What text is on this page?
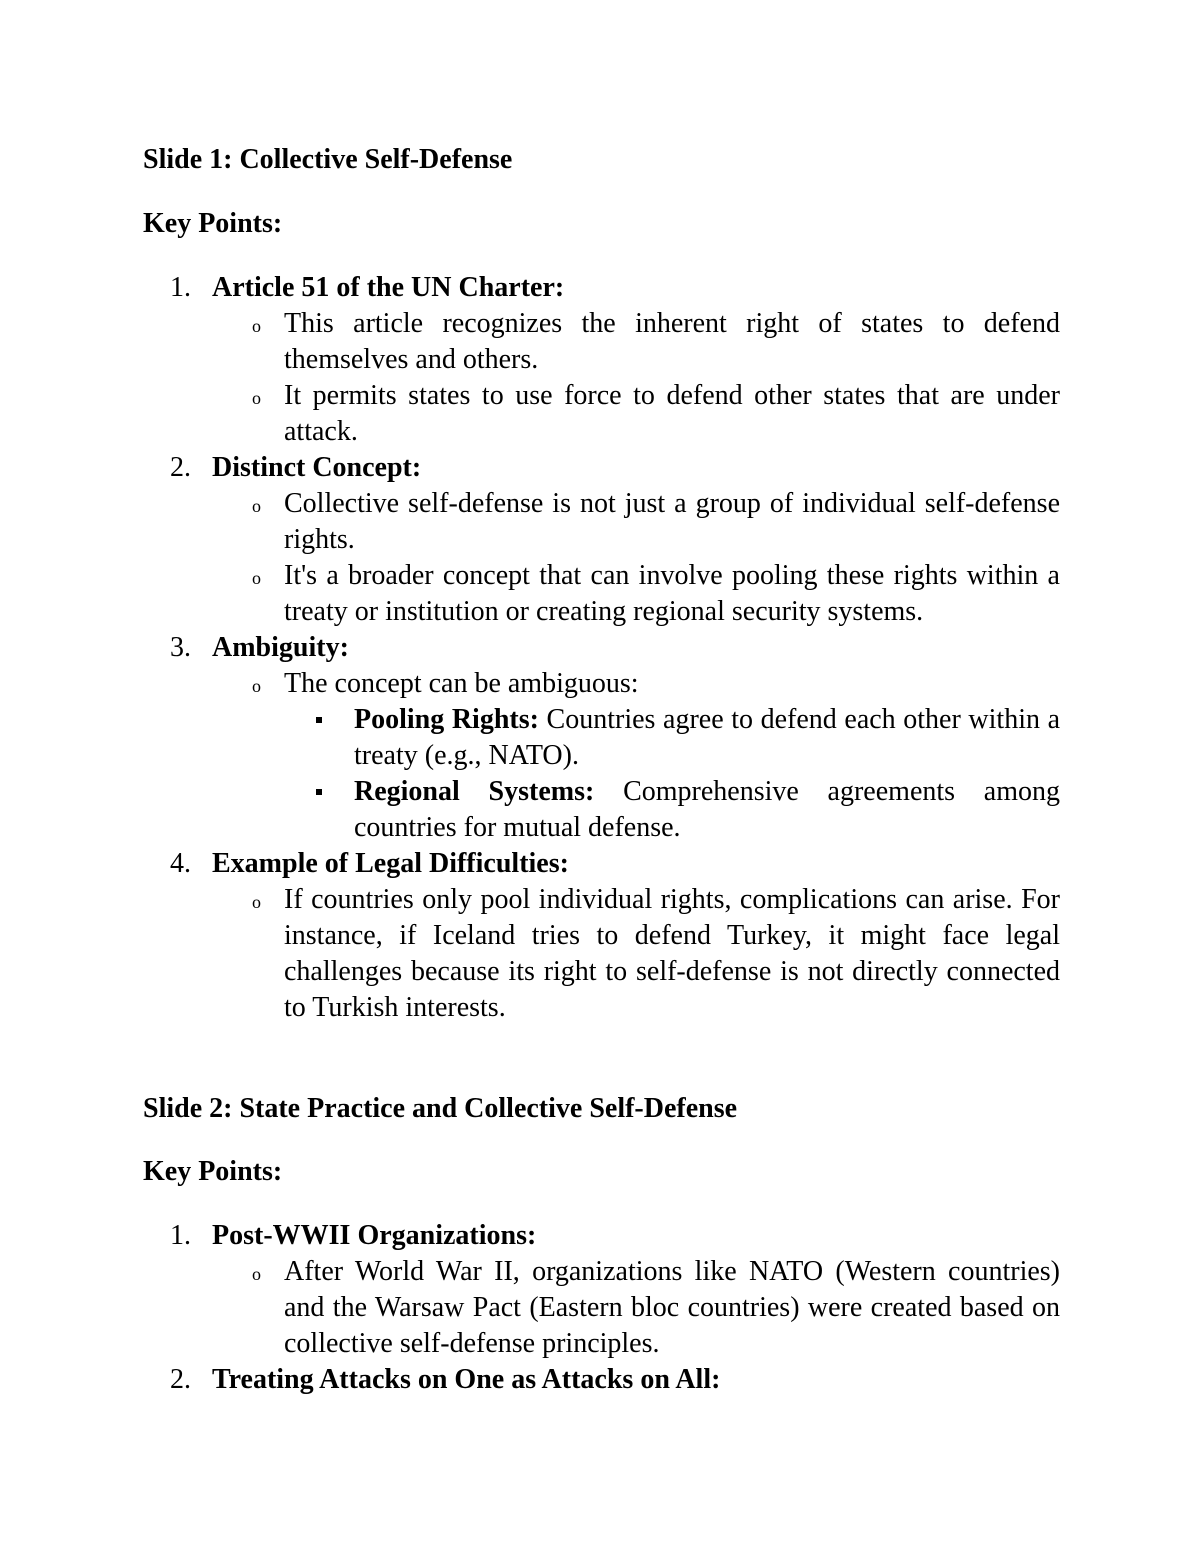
Slide 1: Collective Self-Defense
Key Points:
1. Article 51 of the UN Charter:
o This article recognizes the inherent right of states to defend themselves and others.
o It permits states to use force to defend other states that are under attack.
2. Distinct Concept:
o Collective self-defense is not just a group of individual self-defense rights.
o It's a broader concept that can involve pooling these rights within a treaty or institution or creating regional security systems.
3. Ambiguity:
o The concept can be ambiguous:
Pooling Rights: Countries agree to defend each other within a treaty (e.g., NATO).
Regional Systems: Comprehensive agreements among countries for mutual defense.
4. Example of Legal Difficulties:
o If countries only pool individual rights, complications can arise. For instance, if Iceland tries to defend Turkey, it might face legal challenges because its right to self-defense is not directly connected to Turkish interests.
Slide 2: State Practice and Collective Self-Defense
Key Points:
1. Post-WWII Organizations:
o After World War II, organizations like NATO (Western countries) and the Warsaw Pact (Eastern bloc countries) were created based on collective self-defense principles.
2. Treating Attacks on One as Attacks on All:
